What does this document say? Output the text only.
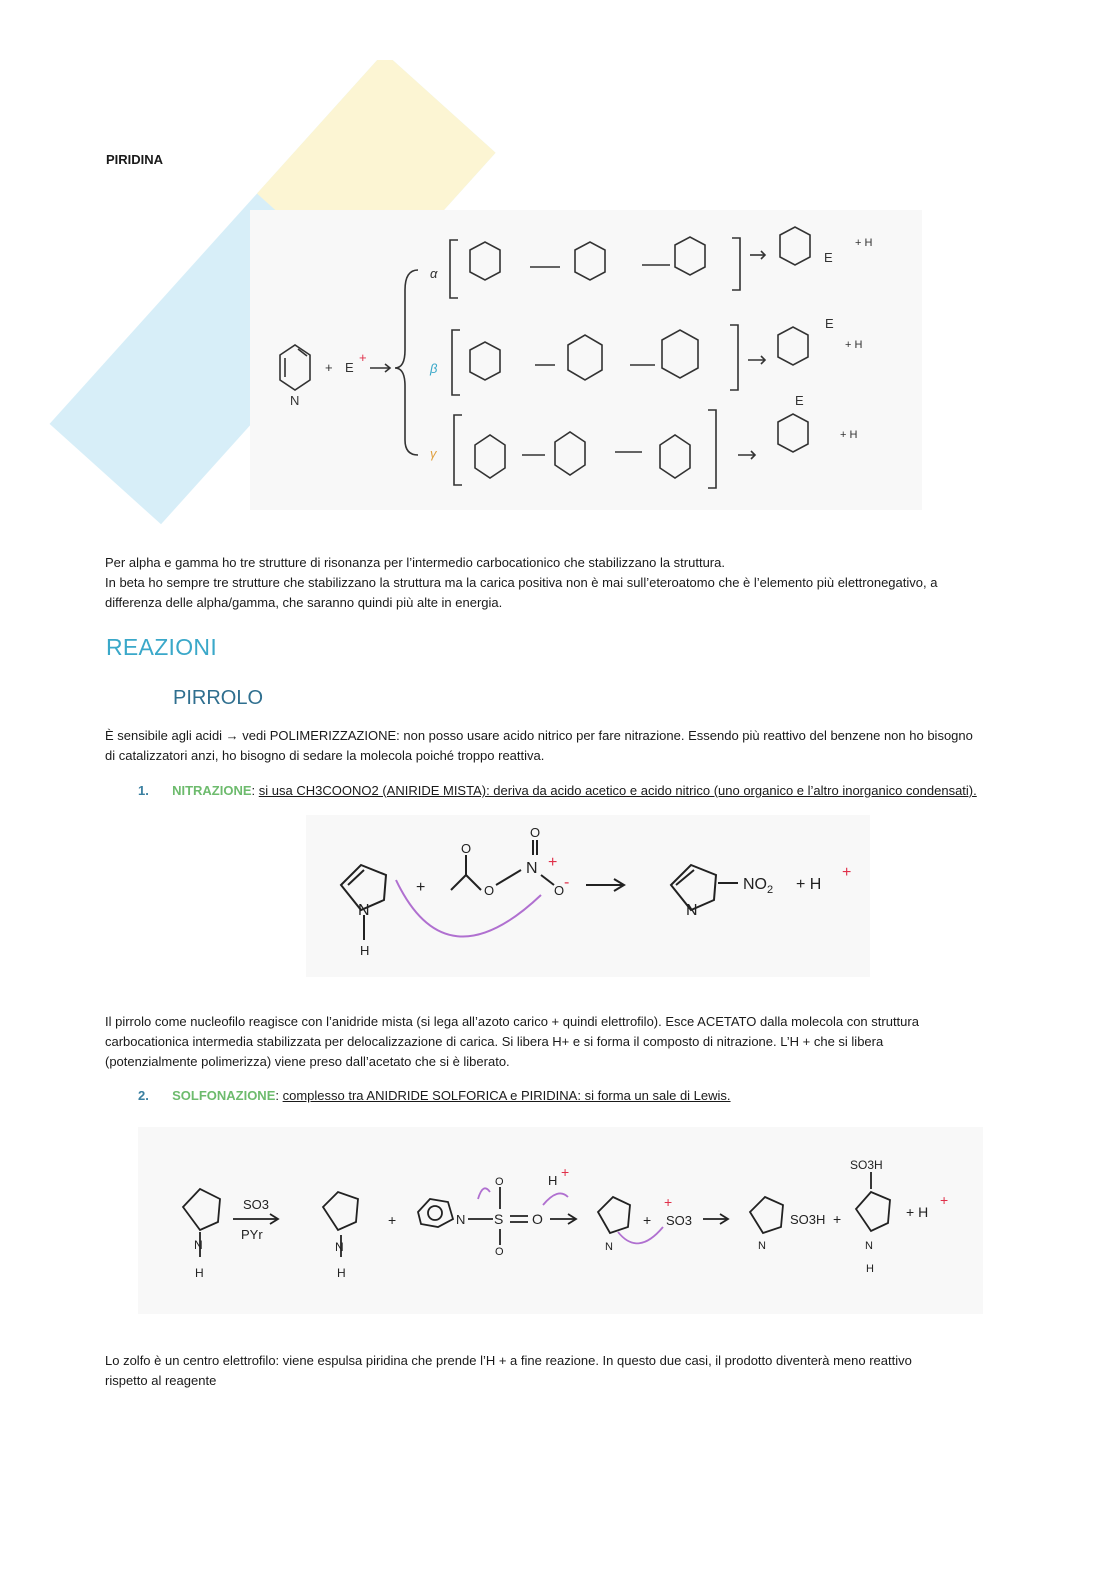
PIRIDINA
N
+ E
+
α
β
γ
E
+ H
E
+ H
E
+ H
Per alpha e gamma ho tre strutture di risonanza per l’intermedio carbocationico che stabilizzano la struttura.
In beta ho sempre tre strutture che stabilizzano la struttura ma la carica positiva non è mai sull’eteroatomo che è l’elemento più elettronegativo, a
differenza delle alpha/gamma, che saranno quindi più alte in energia.
REAZIONI
PIRROLO
È sensibile agli acidi → vedi POLIMERIZZAZIONE: non posso usare acido nitrico per fare nitrazione. Essendo più reattivo del benzene non ho bisogno
di catalizzatori anzi, ho bisogno di sedare la molecola poiché troppo reattiva.
1. NITRAZIONE: si usa CH3COONO2 (ANIRIDE MISTA): deriva da acido acetico e acido nitrico (uno organico e l’altro inorganico condensati).
N
H
+
O
O
O
N +
O -
N
$NO_2 + H$
+
Il pirrolo come nucleofilo reagisce con l’anidride mista (si lega all’azoto carico + quindi elettrofilo). Esce ACETATO dalla molecola con struttura
carbocationica intermedia stabilizzata per delocalizzazione di carica. Si libera H+ e si forma il composto di nitrazione. L’H + che si libera
(potenzialmente polimerizza) viene preso dall’acetato che si è liberato.
2. SOLFONAZIONE: complesso tra ANIDRIDE SOLFORICA e PIRIDINA: si forma un sale di Lewis.
N
H
SO3
PYr
N
H
+	N
O
S O
O
H
+
N
+ SO3
+
N
SO3H +
SO3H
N
H
+ H
+
Lo zolfo è un centro elettrofilo: viene espulsa piridina che prende l’H + a fine reazione. In questo due casi, il prodotto diventerà meno reattivo
rispetto al reagente
